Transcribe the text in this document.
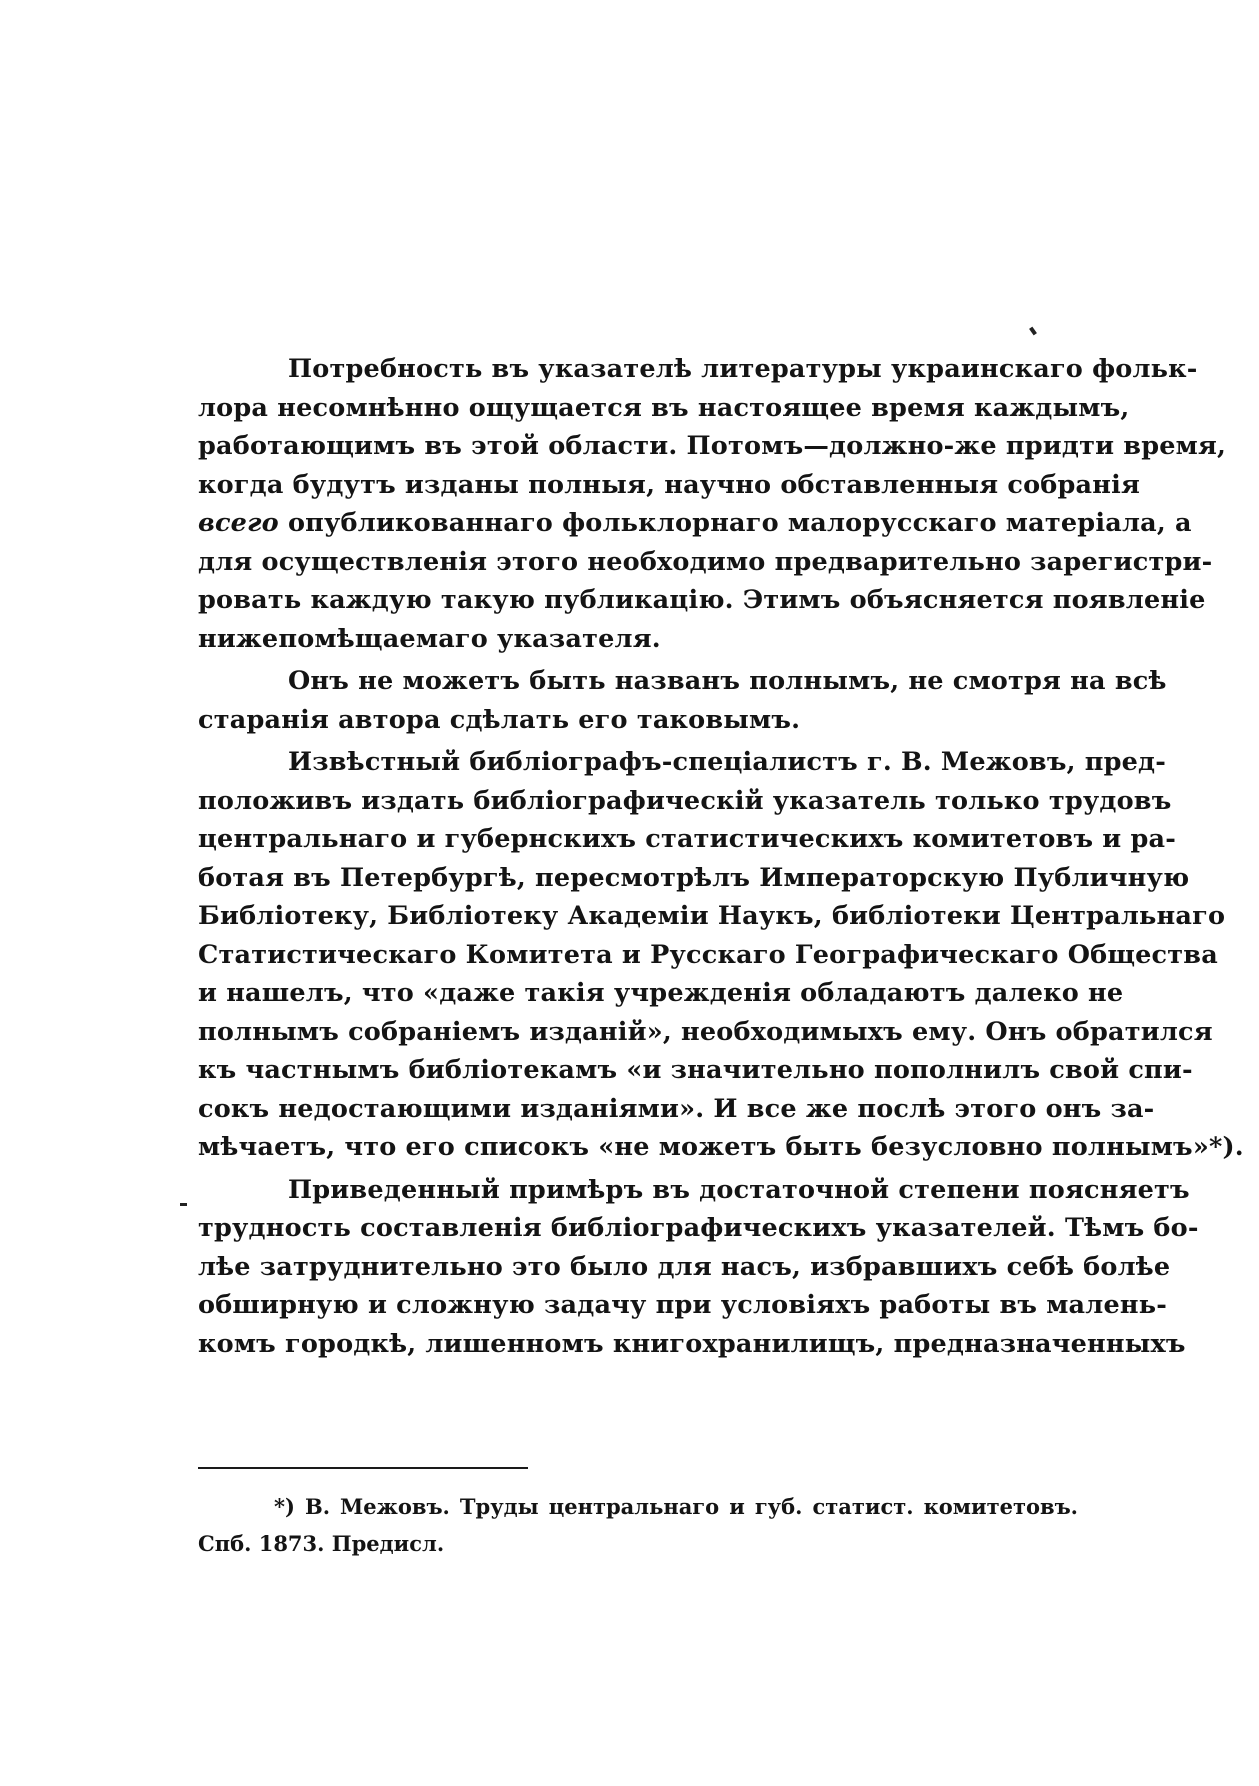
Потребность въ указателѣ литературы украинскаго фольк-
лора несомнѣнно ощущается въ настоящее время каждымъ,
работающимъ въ этой области. Потомъ—должно-же придти время,
когда будутъ изданы полныя, научно обставленныя собранія
всего опубликованнаго фольклорнаго малорусскаго матеріала, а
для осуществленія этого необходимо предварительно зарегистри-
ровать каждую такую публикацію. Этимъ объясняется появленіе
нижепомѣщаемаго указателя.
Онъ не можетъ быть названъ полнымъ, не смотря на всѣ
старанія автора сдѣлать его таковымъ.
Извѣстный библіографъ-спеціалистъ г. В. Межовъ, пред-
положивъ издать библіографическій указатель только трудовъ
центральнаго и губернскихъ статистическихъ комитетовъ и ра-
ботая въ Петербургѣ, пересмотрѣлъ Императорскую Публичную
Библіотеку, Библіотеку Академіи Наукъ, библіотеки Центральнаго
Статистическаго Комитета и Русскаго Географическаго Общества
и нашелъ, что «даже такія учрежденія обладаютъ далеко не
полнымъ собраніемъ изданій», необходимыхъ ему. Онъ обратился
къ частнымъ библіотекамъ «и значительно пополнилъ свой спи-
сокъ недостающими изданіями». И все же послѣ этого онъ за-
мѣчаетъ, что его списокъ «не можетъ быть безусловно полнымъ»*).
Приведенный примѣръ въ достаточной степени поясняетъ
трудность составленія библіографическихъ указателей. Тѣмъ бо-
лѣе затруднительно это было для насъ, избравшихъ себѣ болѣе
обширную и сложную задачу при условіяхъ работы въ малень-
комъ городкѣ, лишенномъ книгохранилищъ, предназначенныхъ
*) В. Межовъ. Труды центральнаго и губ. статист. комитетовъ.
Спб. 1873. Предисл.
